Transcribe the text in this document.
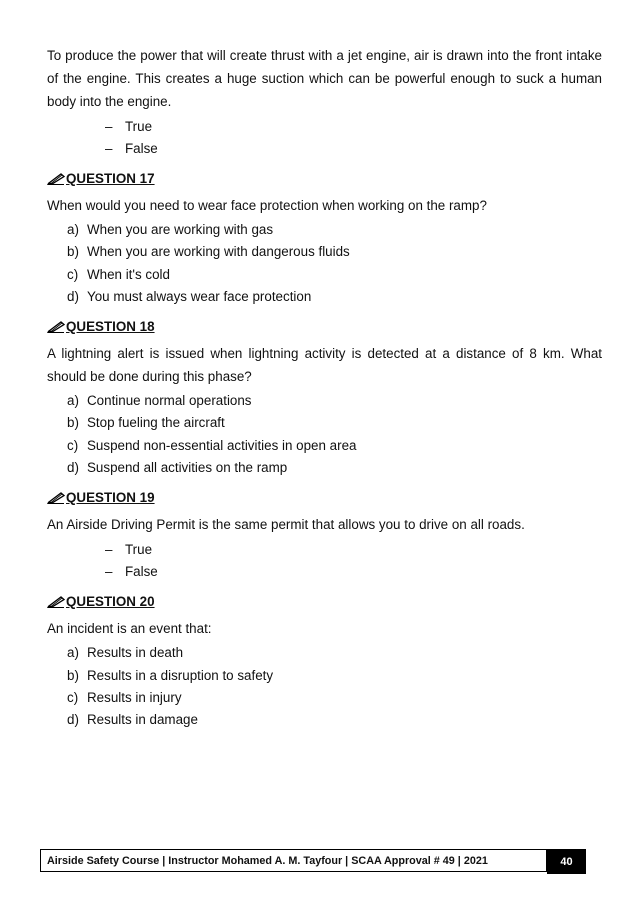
To produce the power that will create thrust with a jet engine, air is drawn into the front intake of the engine. This creates a huge suction which can be powerful enough to suck a human body into the engine.

– True
– False
QUESTION 17

When would you need to wear face protection when working on the ramp?

a) When you are working with gas
b) When you are working with dangerous fluids
c) When it's cold
d) You must always wear face protection
QUESTION 18

A lightning alert is issued when lightning activity is detected at a distance of 8 km. What should be done during this phase?

a) Continue normal operations
b) Stop fueling the aircraft
c) Suspend non-essential activities in open area
d) Suspend all activities on the ramp
QUESTION 19

An Airside Driving Permit is the same permit that allows you to drive on all roads.

– True
– False
QUESTION 20

An incident is an event that:

a) Results in death
b) Results in a disruption to safety
c) Results in injury
d) Results in damage
Airside Safety Course | Instructor Mohamed A. M. Tayfour | SCAA Approval # 49 | 2021	40
